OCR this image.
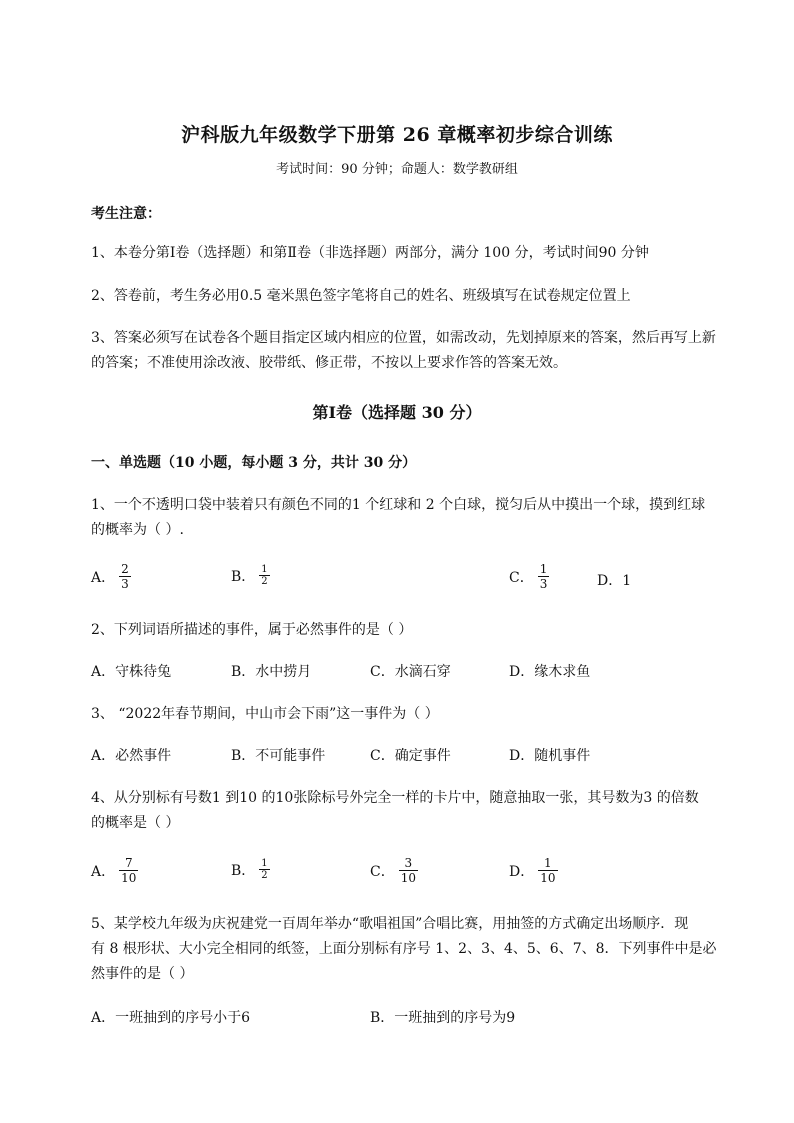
沪科版九年级数学下册第 26 章概率初步综合训练
考试时间：90 分钟；命题人：数学教研组
考生注意：
1、本卷分第Ⅰ卷（选择题）和第Ⅱ卷（非选择题）两部分，满分 100 分，考试时间90 分钟
2、答卷前，考生务必用0.5 毫米黑色签字笔将自己的姓名、班级填写在试卷规定位置上
3、答案必须写在试卷各个题目指定区域内相应的位置，如需改动，先划掉原来的答案，然后再写上新
的答案；不准使用涂改液、胶带纸、修正带，不按以上要求作答的答案无效。
第Ⅰ卷（选择题 30 分）
一、单选题（10 小题，每小题 3 分，共计 30 分）
1、一个不透明口袋中装着只有颜色不同的1 个红球和 2 个白球，搅匀后从中摸出一个球，摸到红球
的概率为（ ）.
A． $\frac{2}{3}$	B． $\frac{1}{2}$	C． $\frac{1}{3}$	D．1
2、下列词语所描述的事件，属于必然事件的是（ ）
A．守株待兔	B．水中捞月	C．水滴石穿	D．缘木求鱼
3、 “2022年春节期间，中山市会下雨”这一事件为（ ）
A．必然事件	B．不可能事件	C．确定事件	D．随机事件
4、从分别标有号数1 到10 的10张除标号外完全一样的卡片中，随意抽取一张，其号数为3 的倍数
的概率是（ ）
A． $\frac{7}{10}$	B． $\frac{1}{2}$	C． $\frac{3}{10}$	D． $\frac{1}{10}$
5、某学校九年级为庆祝建党一百周年举办“歌唱祖国”合唱比赛，用抽签的方式确定出场顺序．现
有 8 根形状、大小完全相同的纸签，上面分别标有序号 1、2、3、4、5、6、7、8．下列事件中是必
然事件的是（ ）
A．一班抽到的序号小于6	B．一班抽到的序号为9
